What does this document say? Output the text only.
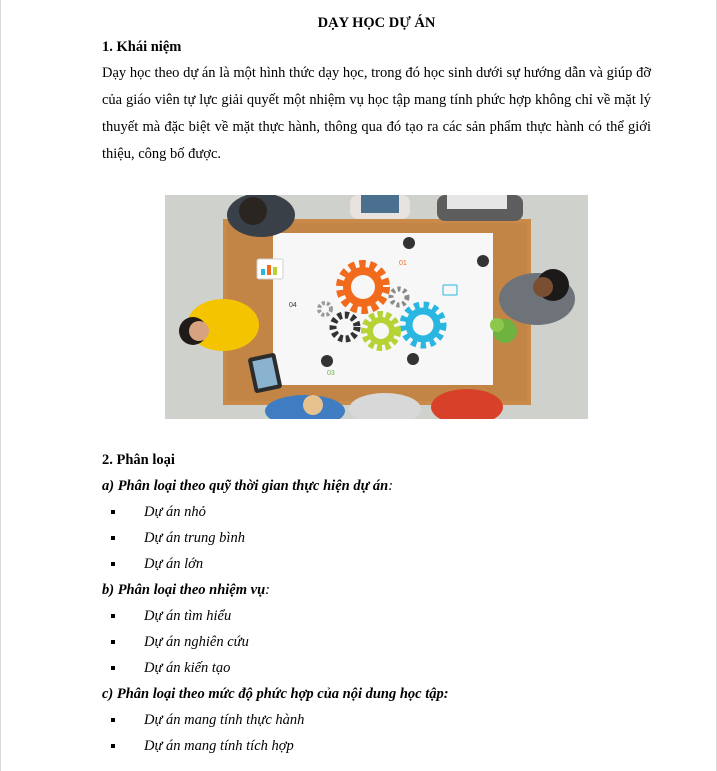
DẠY HỌC DỰ ÁN
1. Khái niệm
Dạy học theo dự án là một hình thức dạy học, trong đó học sinh dưới sự hướng dẫn và giúp đỡ của giáo viên tự lực giải quyết một nhiệm vụ học tập mang tính phức hợp không chỉ về mặt lý thuyết mà đặc biệt về mặt thực hành, thông qua đó tạo ra các sản phẩm thực hành có thể giới thiệu, công bố được.
01
04
03
2. Phân loại
a) Phân loại theo quỹ thời gian thực hiện dự án:
Dự án nhỏ
Dự án trung bình
Dự án lớn
b) Phân loại theo nhiệm vụ:
Dự án tìm hiểu
Dự án nghiên cứu
Dự án kiến tạo
c) Phân loại theo mức độ phức hợp của nội dung học tập:
Dự án mang tính thực hành
Dự án mang tính tích hợp
